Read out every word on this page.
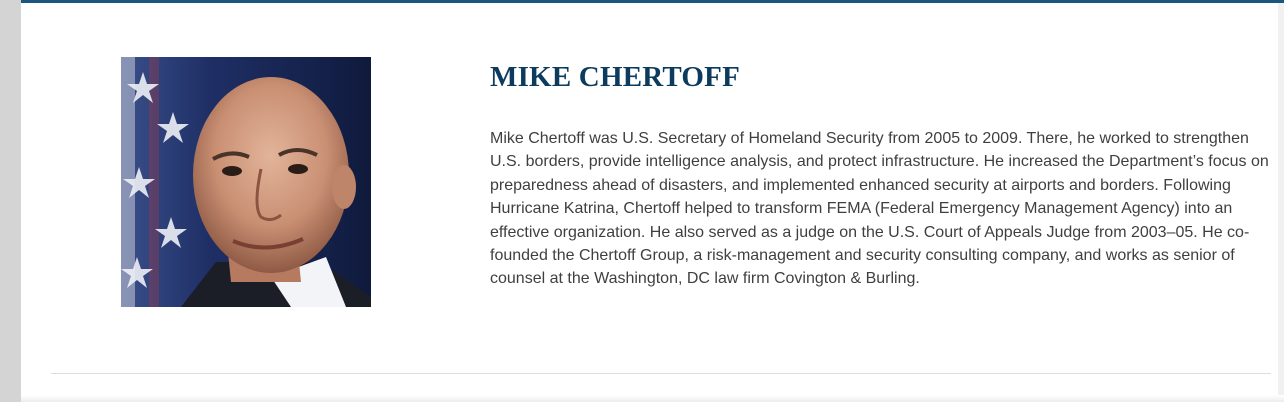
MIKE CHERTOFF

Mike Chertoff was U.S. Secretary of Homeland Security from 2005 to 2009. There, he worked to strengthen U.S. borders, provide intelligence analysis, and protect infrastructure. He increased the Department’s focus on preparedness ahead of disasters, and implemented enhanced security at airports and borders. Following Hurricane Katrina, Chertoff helped to transform FEMA (Federal Emergency Management Agency) into an effective organization. He also served as a judge on the U.S. Court of Appeals Judge from 2003–05. He co-founded the Chertoff Group, a risk-management and security consulting company, and works as senior of counsel at the Washington, DC law firm Covington & Burling.
